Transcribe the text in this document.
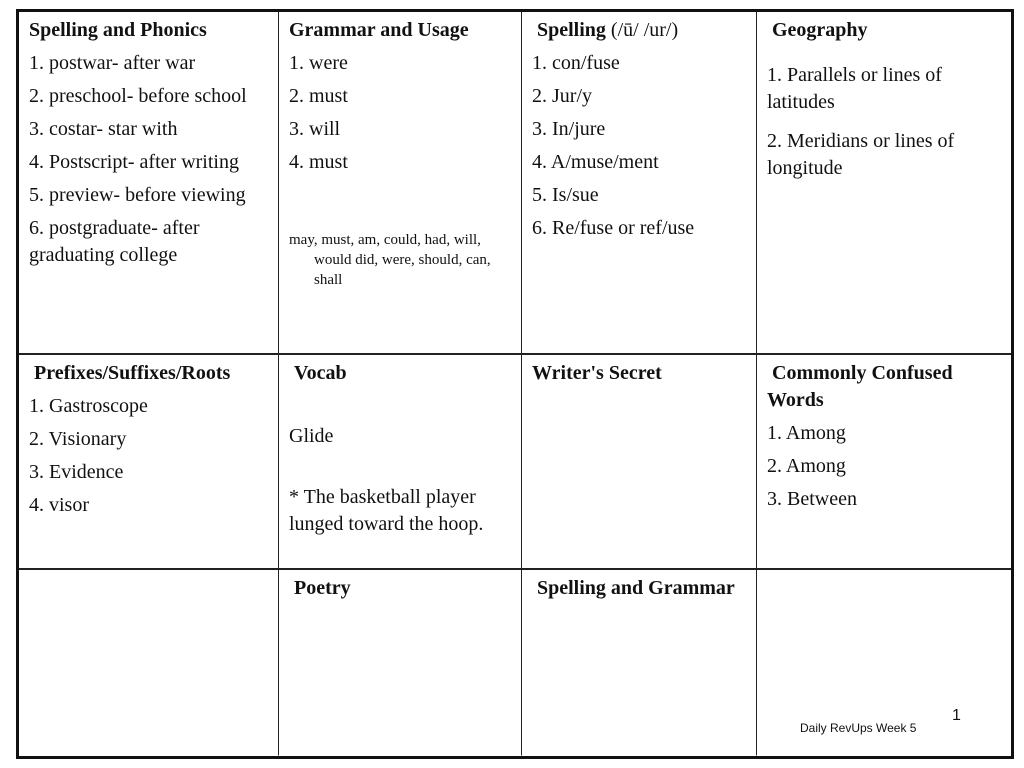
Spelling and Phonics
1. postwar- after war
2. preschool- before school
3. costar- star with
4. Postscript- after writing
5. preview- before viewing
6. postgraduate- after graduating college
Grammar and Usage
1. were
2. must
3. will
4. must
may, must, am, could, had, will, would did, were, should, can, shall
Spelling (/ū/ /ur/)
1. con/fuse
2. Jur/y
3. In/jure
4. A/muse/ment
5. Is/sue
6. Re/fuse or ref/use
Geography
1. Parallels or lines of latitudes
2. Meridians or lines of longitude
Prefixes/Suffixes/Roots
1. Gastroscope
2. Visionary
3. Evidence
4. visor
Vocab
Glide
* The basketball player lunged toward the hoop.
Writer's Secret	Commonly Confused Words
1. Among
2. Among
3. Between
Poetry	Spelling and Grammar
Daily RevUps Week 5
1
